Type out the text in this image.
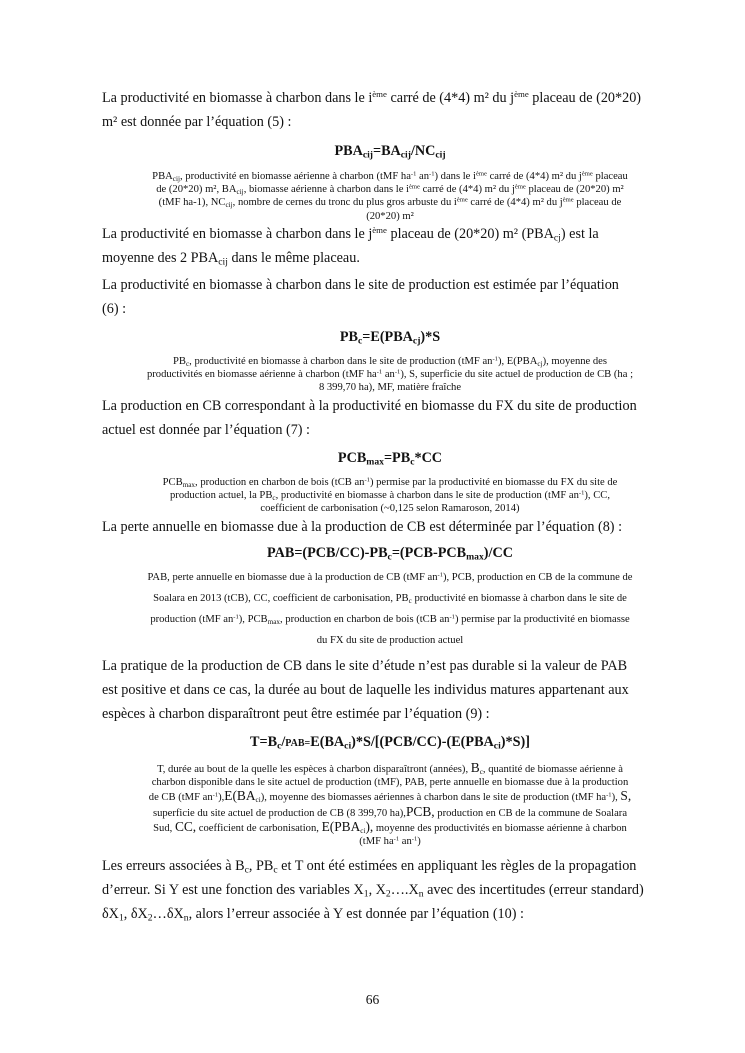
La productivité en biomasse à charbon dans le $i^{ème}$ carré de (4*4) m² du $j^{ème}$ placeau de (20*20)
m² est donnée par l’équation (5) :
$PBA_{cij}=BA_{cij}/NC_{cij}$
$PBA_{cij}$, productivité en biomasse aérienne à charbon (tMF $ha^{-1}$ $an^{-1}$) dans le $i^{ème}$ carré de (4*4) m² du $j^{ème}$ placeau
de (20*20) m², $BA_{cij}$, biomasse aérienne à charbon dans le $i^{ème}$ carré de (4*4) m² du $j^{ème}$ placeau de (20*20) m²
(tMF ha-1), $NC_{cij}$, nombre de cernes du tronc du plus gros arbuste du $i^{ème}$ carré de (4*4) m² du $j^{ème}$ placeau de
(20*20) m²
La productivité en biomasse à charbon dans le $j^{ème}$ placeau de (20*20) m² $(PBA_{cj})$ est la
moyenne des 2 $PBA_{cij}$ dans le même placeau.
La productivité en biomasse à charbon dans le site de production est estimée par l’équation
(6) :
$PB_c=E(PBA_{cj})*S$
$PB_c$, productivité en biomasse à charbon dans le site de production (tMF $an^{-1}$), $E(PBA_{cj})$, moyenne des
productivités en biomasse aérienne à charbon (tMF $ha^{-1}$ $an^{-1}$), S, superficie du site actuel de production de CB (ha ;
8 399,70 ha), MF, matière fraîche
La production en CB correspondant à la productivité en biomasse du FX du site de production
actuel est donnée par l’équation (7) :
$PCB_{max}=PB_c*CC$
$PCB_{max}$, production en charbon de bois (tCB $an^{-1}$) permise par la productivité en biomasse du FX du site de
production actuel, la $PB_c$, productivité en biomasse à charbon dans le site de production (tMF $an^{-1}$), CC,
coefficient de carbonisation (~0,125 selon Ramaroson, 2014)
La perte annuelle en biomasse due à la production de CB est déterminée par l’équation (8) :
$PAB=(PCB/CC)-PB_c=(PCB-PCB_{max})/CC$
PAB, perte annuelle en biomasse due à la production de CB (tMF $an^{-1}$), PCB, production en CB de la commune de
Soalara en 2013 (tCB), CC, coefficient de carbonisation, $PB_c$ productivité en biomasse à charbon dans le site de
production (tMF $an^{-1}$), $PCB_{max}$, production en charbon de bois (tCB $an^{-1}$) permise par la productivité en biomasse
du FX du site de production actuel
La pratique de la production de CB dans le site d’étude n’est pas durable si la valeur de PAB
est positive et dans ce cas, la durée au bout de laquelle les individus matures appartenant aux
espèces à charbon disparaîtront peut être estimée par l’équation (9) :
$T=B_c/PAB=E(BA_{ci})*S/[(PCB/CC)-(E(PBA_{ci})*S)]$
T, durée au bout de la quelle les espèces à charbon disparaîtront (années), $B_c$, quantité de biomasse aérienne à
charbon disponible dans le site actuel de production (tMF), PAB, perte annuelle en biomasse due à la production
de CB (tMF $an^{-1}),E(BA_{ci})$, moyenne des biomasses aériennes à charbon dans le site de production (tMF $ha^{-1}$), S,
superficie du site actuel de production de CB (8 399,70 ha),PCB, production en CB de la commune de Soalara
Sud, CC, coefficient de carbonisation, $E(PBA_{ci})$, moyenne des productivités en biomasse aérienne à charbon
(tMF $ha^{-1}$ $an^{-1}$)
Les erreurs associées à $B_c$, $PB_c$ et T ont été estimées en appliquant les règles de la propagation
d’erreur. Si Y est une fonction des variables $X_1$, $X_2\dots.X_n$ avec des incertitudes (erreur standard)
$\delta X_1$, $\delta X_2\dots\delta X_n$, alors l’erreur associée à Y est donnée par l’équation (10) :
66
